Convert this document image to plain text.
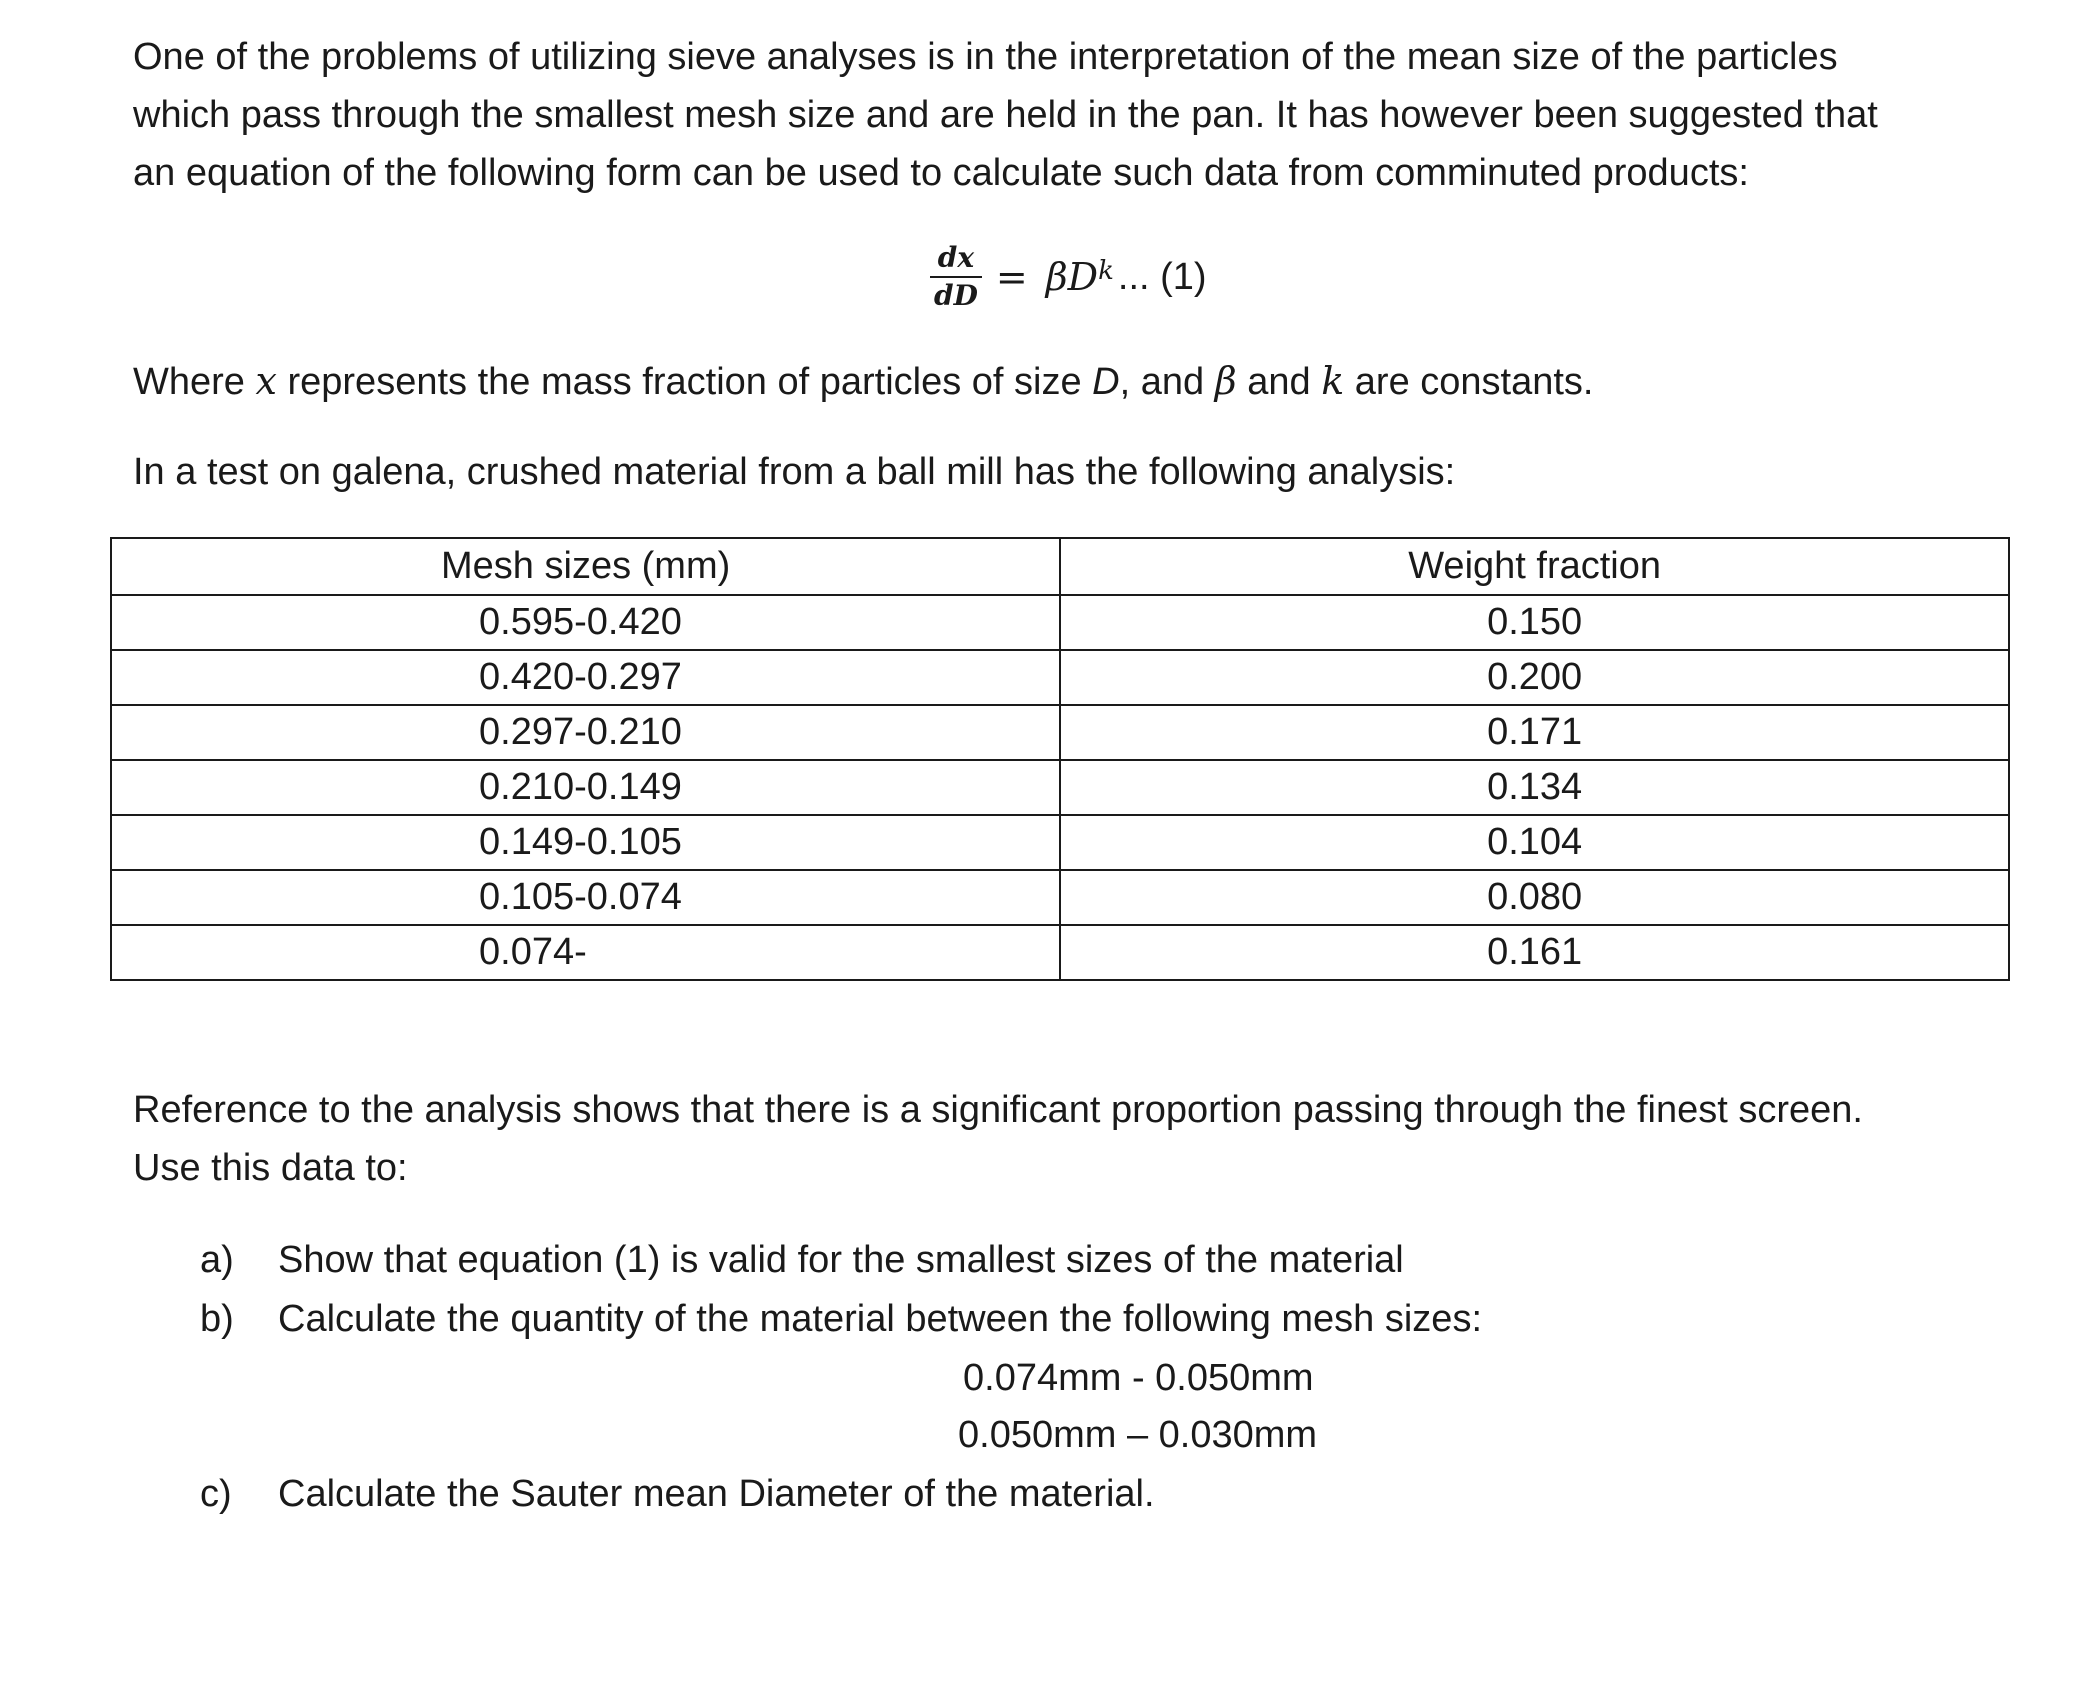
One of the problems of utilizing sieve analyses is in the interpretation of the mean size of the particles
which pass through the smallest mesh size and are held in the pan. It has however been suggested that
an equation of the following form can be used to calculate such data from comminuted products:

$\frac{dx}{dD} = \beta D^k$ ... (1)

Where x represents the mass fraction of particles of size D, and β and k are constants.

In a test on galena, crushed material from a ball mill has the following analysis:

Mesh sizes (mm)	Weight fraction
0.595-0.420	0.150
0.420-0.297	0.200
0.297-0.210	0.171
0.210-0.149	0.134
0.149-0.105	0.104
0.105-0.074	0.080
0.074-	0.161

Reference to the analysis shows that there is a significant proportion passing through the finest screen.
Use this data to:

a) Show that equation (1) is valid for the smallest sizes of the material
b) Calculate the quantity of the material between the following mesh sizes:
0.074mm - 0.050mm
0.050mm – 0.030mm
c) Calculate the Sauter mean Diameter of the material.
